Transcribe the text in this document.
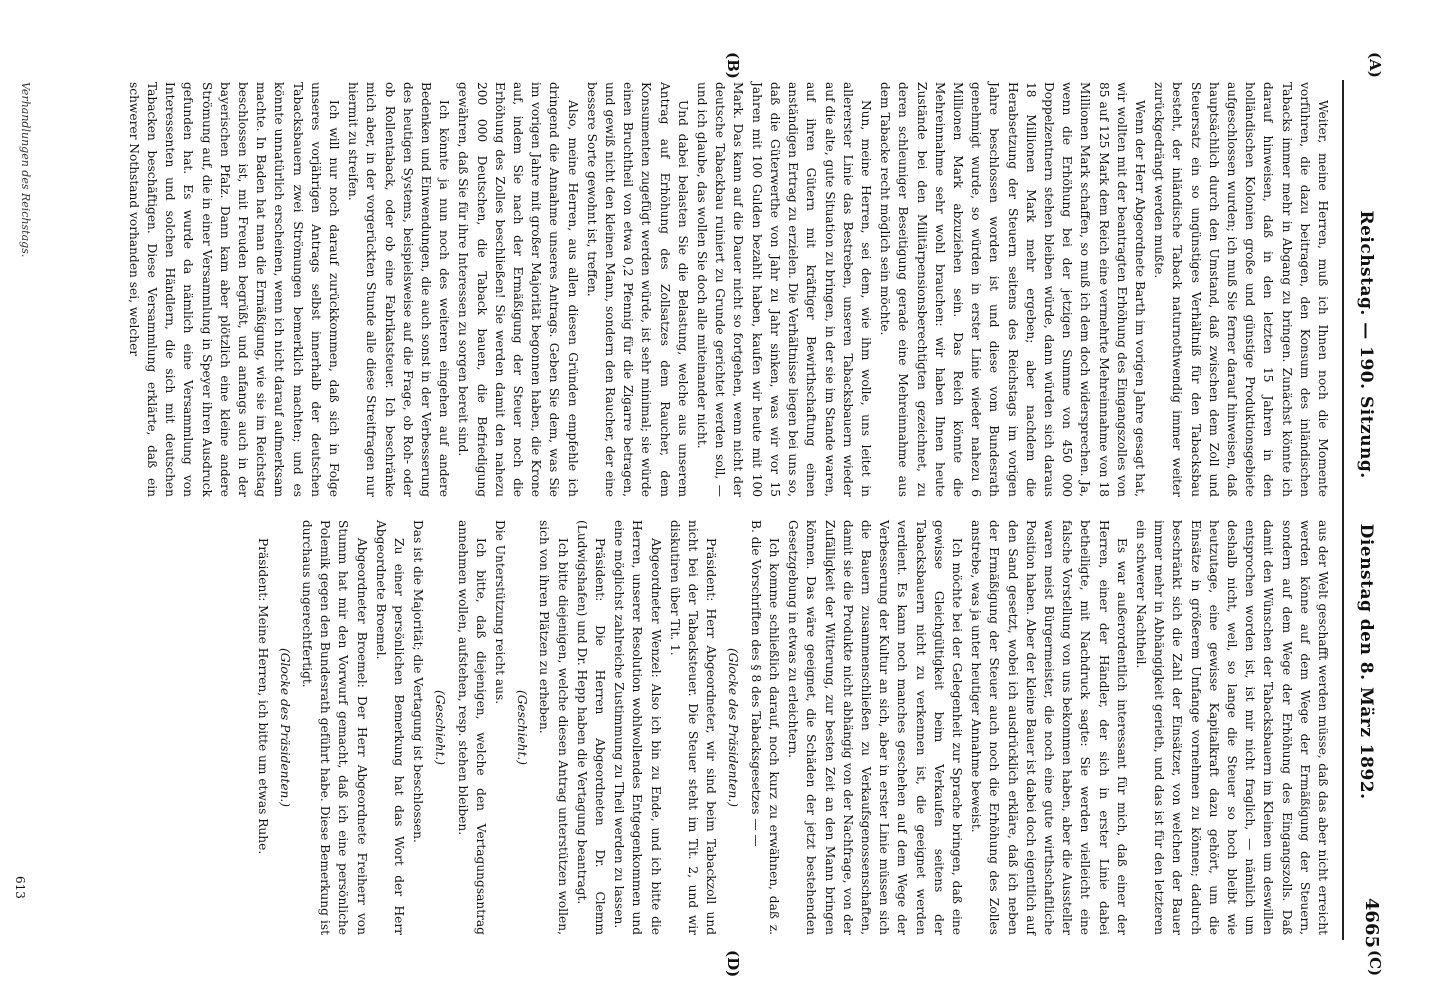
(A)
Reichstag. — 190. Sitzung.       Dienstag den 8. März 1892.
4665
(C)
(B)
(D)

Weiter, meine Herren, muß ich Ihnen noch die Momente vorführen, die dazu beitragen, den Konsum des inländischen Tabacks immer mehr in Abgang zu bringen. Zunächst könnte ich darauf hinweisen, daß in den letzten 15 Jahren in den holländischen Kolonien große und günstige Produktionsgebiete aufgeschlossen wurden; ich muß Sie ferner darauf hinweisen, daß hauptsächlich durch den Umstand, daß zwischen dem Zoll und Steuersatz ein so ungünstiges Verhältniß für den Tabacksbau besteht, der inländische Taback naturnothwendig immer weiter zurückgedrängt werden mußte.

Wenn der Herr Abgeordnete Barth im vorigen Jahre gesagt hat, wir wollten mit der beantragten Erhöhung des Eingangszolles von 85 auf 125 Mark dem Reich eine vermehrte Mehreinnahme von 18 Millionen Mark schaffen, so muß ich dem doch widersprechen. Ja, wenn die Erhöhung bei der jetzigen Summe von 450 000 Doppelzentnern stehen bleiben würde, dann würden sich daraus 18 Millionen Mark mehr ergeben; aber nachdem die Herabsetzung der Steuern seitens des Reichstags im vorigen Jahre beschlossen worden ist und diese vom Bundesrath genehmigt wurde, so würden in erster Linie wieder nahezu 6 Millionen Mark abzuziehen sein. Das Reich könnte die Mehreinnahme sehr wohl brauchen: wir haben Ihnen heute Zustände bei den Militärpensionsberechtigten gezeichnet, zu deren schleuniger Beseitigung gerade eine Mehreinnahme aus dem Tabacke recht möglich sein möchte.

Nun, meine Herren, sei dem, wie ihm wolle, uns leitet in allererster Linie das Bestreben, unseren Tabacksbauern wieder auf die alte, gute Situation zu bringen, in der sie im Stande waren, auf ihren Gütern mit kräftiger Bewirthschaftung einen anständigen Ertrag zu erzielen. Die Verhältnisse liegen bei uns so, daß die Güterwerthe von Jahr zu Jahr sinken, was wir vor 15 Jahren mit 100 Gulden bezahlt haben, kaufen wir heute mit 100 Mark. Das kann auf die Dauer nicht so fortgehen, wenn nicht der deutsche Tabackbau ruiniert zu Grunde gerichtet werden soll, — und ich glaube, das wollen Sie doch alle miteinander nicht.

Und dabei belasten Sie die Belastung, welche aus unserem Antrag auf Erhöhung des Zollsatzes dem Raucher, dem Konsumenten zugefügt werden würde, ist sehr minimal; sie würde einen Bruchtheil von etwa 0,2 Pfennig für die Zigarre betragen, und gewiß nicht den kleinen Mann, sondern den Raucher, der eine bessere Sorte gewohnt ist, treffen.

Also, meine Herren, aus allen diesen Gründen empfehle ich dringend die Annahme unseres Antrags. Geben Sie dem, was Sie im vorigen Jahre mit großer Majorität begonnen haben, die Krone auf, indem Sie nach der Ermäßigung der Steuer noch die Erhöhung des Zolles beschließen! Sie werden damit den nahezu 200 000 Deutschen, die Taback bauen, die Befriedigung gewähren, daß Sie für ihre Interessen zu sorgen bereit sind.

Ich könnte ja nun noch des weiteren eingehen auf andere Bedenken und Einwendungen, die auch sonst in der Verbesserung des heutigen Systems, beispielsweise auf die Frage, ob Roh- oder ob Rollentaback, oder ob eine Fabrikatsteuer. Ich beschränke mich aber, in der vorgerückten Stunde alle diese Streitfragen nur hiermit zu streifen.

Ich will nur noch darauf zurückkommen, daß sich in Folge unseres vorjährigen Antrags selbst innerhalb der deutschen Tabacksbauern zwei Strömungen bemerklich machten; und es könnte unnatürlich erscheinen, wenn ich nicht darauf aufmerksam machte. In Baden hat man die Ermäßigung, wie sie im Reichstag beschlossen ist, mit Freuden begrüßt, und anfangs auch in der bayerischen Pfalz. Dann kam aber plötzlich eine kleine andere Strömung auf, die in einer Versammlung in Speyer ihren Ausdruck gefunden hat. Es wurde da nämlich eine Versammlung von Interessenten und solchen Händlern, die sich mit deutschen Tabacken beschäftigen. Diese Versammlung erklärte, daß ein schwerer Nothstand vorhanden sei, welcher

aus der Welt geschafft werden müsse, daß das aber nicht erreicht werden könne auf dem Wege der Ermäßigung der Steuern, sondern auf dem Wege der Erhöhung des Eingangszolls. Daß damit den Wünschen der Tabacksbauern im Kleinen um deswillen entsprochen worden ist, ist mir nicht fraglich, — nämlich um deshalb nicht, weil, so lange die Steuer so hoch bleibt wie heutzutage, eine gewisse Kapitalkraft dazu gehört, um die Einsätze in größerem Umfange vornehmen zu können; dadurch beschränkt sich die Zahl der Einsätzer, von welchen der Bauer immer mehr in Abhängigkeit gerieth, und das ist für den letzteren ein schwerer Nachtheil.

Es war außerordentlich interessant für mich, daß einer der Herren, einer der Händler, der sich in erster Linie dabei betheiligte, mit Nachdruck sagte: Sie werden vielleicht eine falsche Vorstellung von uns bekommen haben, aber die Aussteller waren meist Bürgermeister, die noch eine gute wirthschaftliche Position haben. Aber der kleine Bauer ist dabei doch eigentlich auf den Sand gesetzt, wobei ich ausdrücklich erkläre, daß ich neben der Ermäßigung der Steuer auch noch die Erhöhung des Zolles anstrebe, was ja unter heutiger Annahme beweist.

Ich möchte bei der Gelegenheit zur Sprache bringen, daß eine gewisse Gleichgültigkeit beim Verkaufen seitens der Tabacksbauern nicht zu verkennen ist, die geeignet werden verdient. Es kann noch manches geschehen auf dem Wege der Verbesserung der Kultur an sich, aber in erster Linie müssen sich die Bauern zusammenschließen zu Verkaufsgenossenschaften, damit sie die Produkte nicht abhängig von der Nachfrage, von der Zufälligkeit der Witterung, zur besten Zeit an den Mann bringen können. Das wäre geeignet, die Schäden der jetzt bestehenden Gesetzgebung in etwas zu erleichtern.

Ich komme schließlich darauf, noch kurz zu erwähnen, daß z. B. die Vorschriften des § 8 des Tabacksgesetzes — —

(Glocke des Präsidenten.)

Präsident: Herr Abgeordneter, wir sind beim Tabackzoll und nicht bei der Tabacksteuer. Die Steuer steht im Tit. 2, und wir diskutiren über Tit. 1.

Abgeordneter Wenzel: Also ich bin zu Ende, und ich bitte die Herren, unserer Resolution wohlwollendes Entgegenkommen und eine möglichst zahlreiche Zustimmung zu Theil werden zu lassen.

Präsident: Die Herren Abgeordneten Dr. Clemm (Ludwigshafen) und Dr. Hepp haben die Vertagung beantragt.

Ich bitte diejenigen, welche diesen Antrag unterstützen wollen, sich von ihren Plätzen zu erheben.

(Geschieht.)

Die Unterstützung reicht aus.

Ich bitte, daß diejenigen, welche den Vertagungsantrag annehmen wollen, aufstehen, resp. stehen bleiben.

(Geschieht.)

Das ist die Majorität; die Vertagung ist beschlossen.

Zu einer persönlichen Bemerkung hat das Wort der Herr Abgeordnete Broemel.

Abgeordneter Broemel: Der Herr Abgeordnete Freiherr von Stumm hat mir den Vorwurf gemacht, daß ich eine persönliche Polemik gegen den Bundesrath geführt habe. Diese Bemerkung ist durchaus ungerechtfertigt.

(Glocke des Präsidenten.)

Präsident: Meine Herren, ich bitte um etwas Ruhe.

Verhandlungen des Reichstags.
613
